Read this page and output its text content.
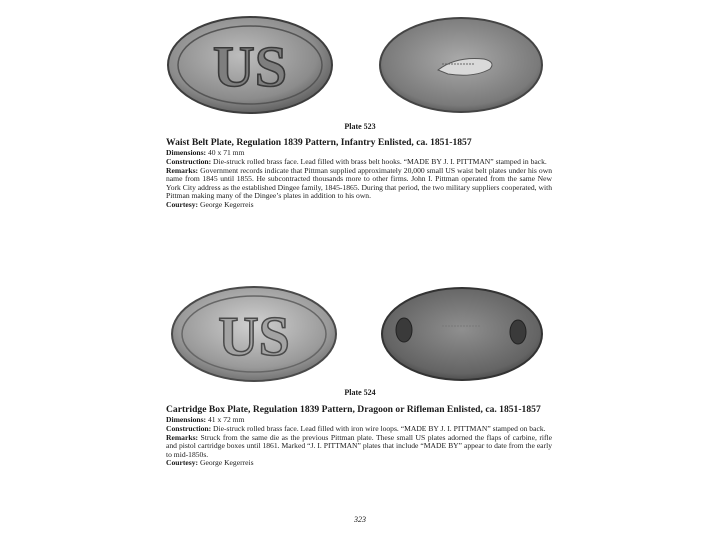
US
Plate 523
Waist Belt Plate, Regulation 1839 Pattern, Infantry Enlisted, ca. 1851-1857
Dimensions: 40 x 71 mm
Construction: Die-struck rolled brass face. Lead filled with brass belt hooks. “MADE BY J. I. PITTMAN” stamped in back.
Remarks: Government records indicate that Pittman supplied approximately 20,000 small US waist belt plates under his own name from 1845 until 1855. He subcontracted thousands more to other firms. John I. Pittman operated from the same New York City address as the established Dingee family, 1845-1865. During that period, the two military suppliers cooperated, with Pittman making many of the Dingee’s plates in addition to his own.
Courtesy: George Kegerreis
US
Plate 524
Cartridge Box Plate, Regulation 1839 Pattern, Dragoon or Rifleman Enlisted, ca. 1851-1857
Dimensions: 41 x 72 mm
Construction: Die-struck rolled brass face. Lead filled with iron wire loops. “MADE BY J. I. PITTMAN” stamped on back.
Remarks: Struck from the same die as the previous Pittman plate. These small US plates adorned the flaps of carbine, rifle and pistol cartridge boxes until 1861. Marked “J. I. PITTMAN” plates that include “MADE BY” appear to date from the early to mid-1850s.
Courtesy: George Kegerreis
323
